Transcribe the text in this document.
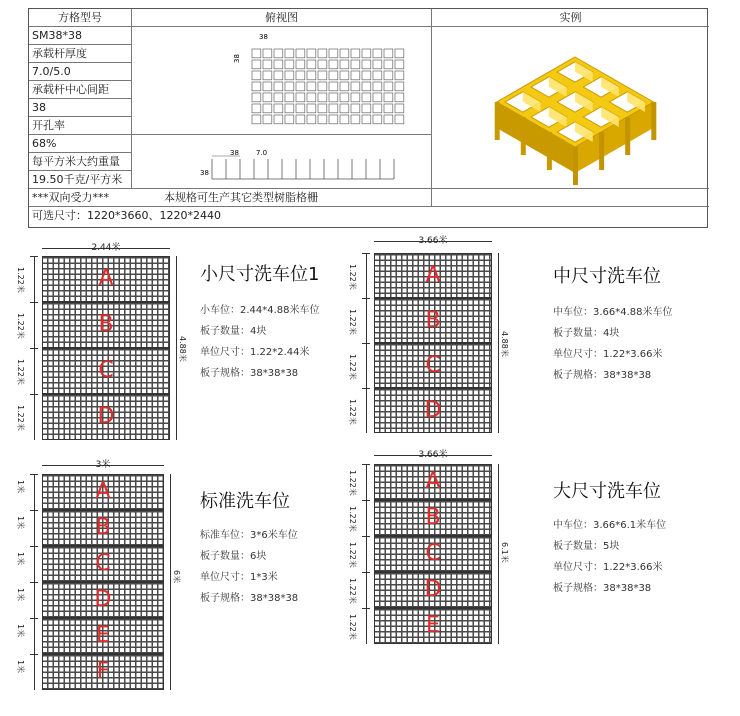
方格型号	俯视图	实例
SM38*38
承载杆厚度
7.0/5.0
承载杆中心间距
38
开孔率
68%
每平方米大约重量
19.50千克/平方米
38
38
38 7.0
38
***双向受力***	本规格可生产其它类型树脂格栅
可选尺寸：1220*3660、1220*2440
2.44米
A
1.22米
B
1.22米
C
1.22米
D
1.22米
4.88米
小尺寸洗车位1
小车位：2.44*4.88米车位
板子数量：4块
单位尺寸：1.22*2.44米
板子规格：38*38*38
3.66米
A
1.22米
B
1.22米
C
1.22米
D
1.22米
4.88米
中尺寸洗车位
中车位：3.66*4.88米车位
板子数量：4块
单位尺寸：1.22*3.66米
板子规格：38*38*38
3米
A
1米
B
1米
C
1米
D
1米
E
1米
F
1米
6米
标准洗车位
标准车位：3*6米车位
板子数量：6块
单位尺寸：1*3米
板子规格：38*38*38
3.66米
A
1.22米
B
1.22米
C
1.22米
D
1.22米
E
1.22米
6.1米
大尺寸洗车位
中车位：3.66*6.1米车位
板子数量：5块
单位尺寸：1.22*3.66米
板子规格：38*38*38
